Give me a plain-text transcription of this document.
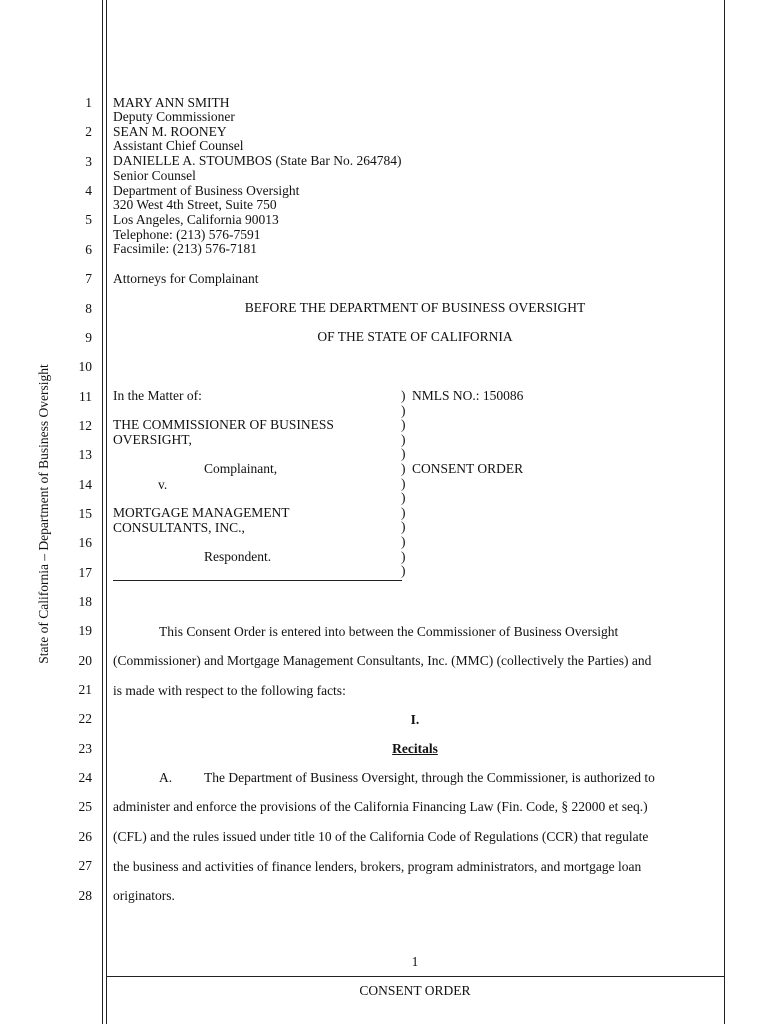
State of California – Department of Business Oversight
1
2
3
4
5
6
7
8
9
10
11
12
13
14
15
16
17
18
19
20
21
22
23
24
25
26
27
28
MARY ANN SMITH
Deputy Commissioner
SEAN M. ROONEY
Assistant Chief Counsel
DANIELLE A. STOUMBOS (State Bar No. 264784)
Senior Counsel
Department of Business Oversight
320 West 4th Street, Suite 750
Los Angeles, California 90013
Telephone: (213) 576-7591
Facsimile: (213) 576-7181
Attorneys for Complainant
BEFORE THE DEPARTMENT OF BUSINESS OVERSIGHT
OF THE STATE OF CALIFORNIA
In the Matter of:
THE COMMISSIONER OF BUSINESS
OVERSIGHT,
Complainant,
v.
MORTGAGE MANAGEMENT
CONSULTANTS, INC.,
Respondent.
)
)
)
)
)
)
)
)
)
)
)
)
)
NMLS NO.: 150086
CONSENT ORDER
This Consent Order is entered into between the Commissioner of Business Oversight
(Commissioner) and Mortgage Management Consultants, Inc. (MMC) (collectively the Parties) and
is made with respect to the following facts:
I.
Recitals
A. The Department of Business Oversight, through the Commissioner, is authorized to
administer and enforce the provisions of the California Financing Law (Fin. Code, § 22000 et seq.)
(CFL) and the rules issued under title 10 of the California Code of Regulations (CCR) that regulate
the business and activities of finance lenders, brokers, program administrators, and mortgage loan
originators.
1
CONSENT ORDER
